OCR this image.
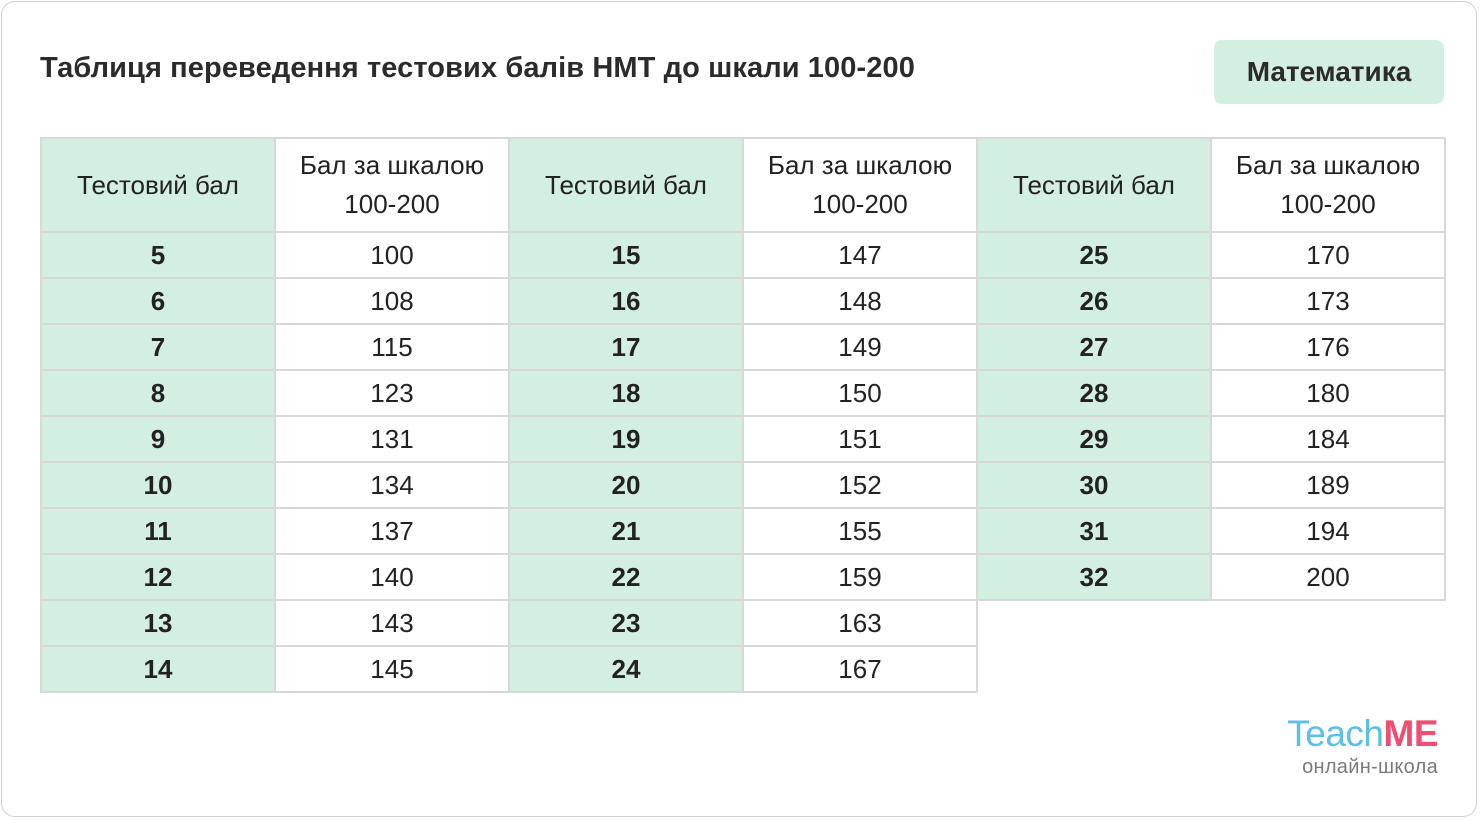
Таблиця переведення тестових балів НМТ до шкали 100-200	Математика
Тестовий бал	Бал за шкалою
100-200
5	100
6	108
7	115
8	123
9	131
10	134
11	137
12	140
13	143
14	145
Тестовий бал	Бал за шкалою
100-200
15	147
16	148
17	149
18	150
19	151
20	152
21	155
22	159
23	163
24	167
Тестовий бал	Бал за шкалою
100-200
25	170
26	173
27	176
28	180
29	184
30	189
31	194
32	200
TeachME
онлайн-школа
